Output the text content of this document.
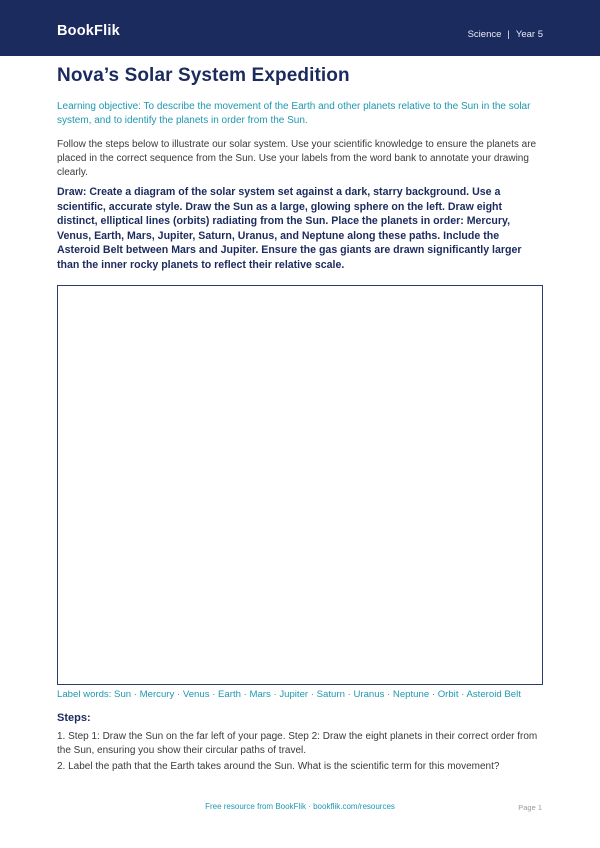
BookFlik	Science | Year 5
Nova’s Solar System Expedition
Learning objective: To describe the movement of the Earth and other planets relative to the Sun in the solar system, and to identify the planets in order from the Sun.
Follow the steps below to illustrate our solar system. Use your scientific knowledge to ensure the planets are placed in the correct sequence from the Sun. Use your labels from the word bank to annotate your drawing clearly.
Draw: Create a diagram of the solar system set against a dark, starry background. Use a scientific, accurate style. Draw the Sun as a large, glowing sphere on the left. Draw eight distinct, elliptical lines (orbits) radiating from the Sun. Place the planets in order: Mercury, Venus, Earth, Mars, Jupiter, Saturn, Uranus, and Neptune along these paths. Include the Asteroid Belt between Mars and Jupiter. Ensure the gas giants are drawn significantly larger than the inner rocky planets to reflect their relative scale.
Label words: Sun · Mercury · Venus · Earth · Mars · Jupiter · Saturn · Uranus · Neptune · Orbit · Asteroid Belt
Steps:
1. Step 1: Draw the Sun on the far left of your page. Step 2: Draw the eight planets in their correct order from the Sun, ensuring you show their circular paths of travel.
2. Label the path that the Earth takes around the Sun. What is the scientific term for this movement?
Free resource from BookFlik · bookflik.com/resources	Page 1
